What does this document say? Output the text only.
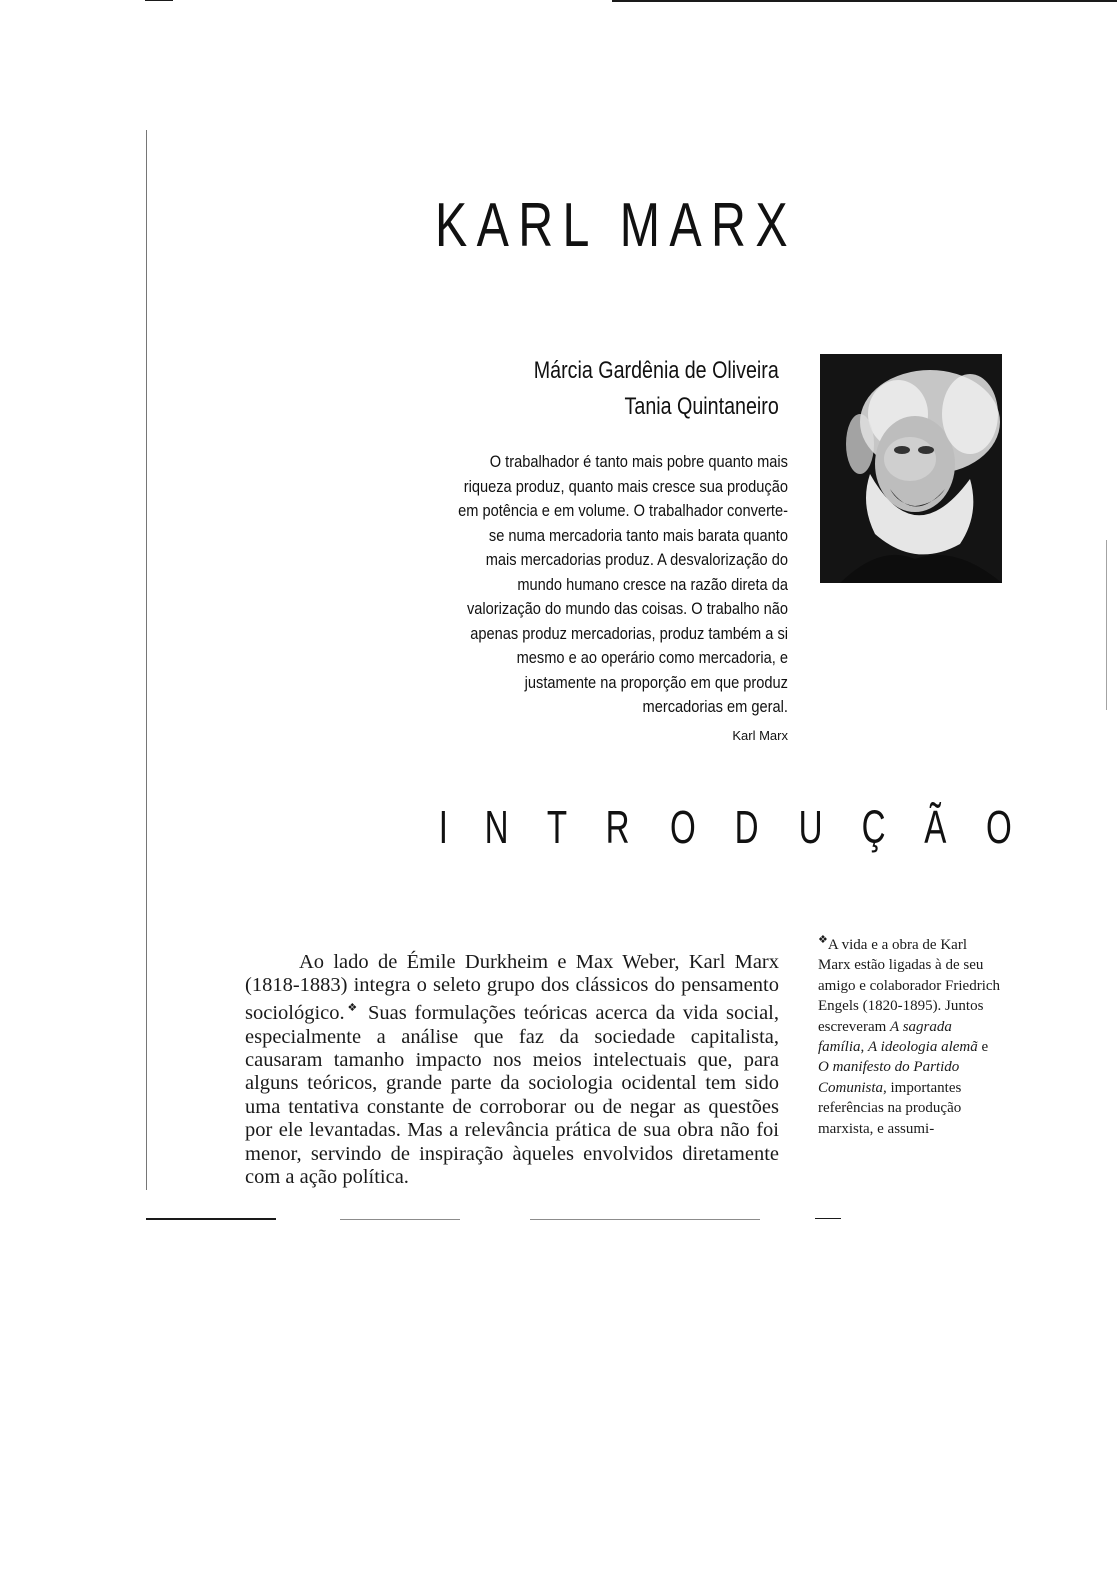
KARL MARX
Márcia Gardênia de Oliveira
Tania Quintaneiro
O trabalhador é tanto mais pobre quanto mais riqueza produz, quanto mais cresce sua produção em potência e em volume. O trabalhador converte-se numa mercadoria tanto mais barata quanto mais mercadorias produz. A desvalorização do mundo humano cresce na razão direta da valorização do mundo das coisas. O trabalho não apenas produz mercadorias, produz também a si mesmo e ao operário como mercadoria, e justamente na proporção em que produz mercadorias em geral.
Karl Marx
I N T R O D U Ç Ã O

Ao lado de Émile Durkheim e Max Weber, Karl Marx (1818-1883) integra o seleto grupo dos clássicos do pensamento sociológico.❖ Suas formulações teóricas acerca da vida social, especialmente a análise que faz da sociedade capitalista, causaram tamanho impacto nos meios intelectuais que, para alguns teóricos, grande parte da sociologia ocidental tem sido uma tentativa constante de corroborar ou de negar as questões por ele levantadas. Mas a relevância prática de sua obra não foi menor, servindo de inspiração àqueles envolvidos diretamente com a ação política.

❖A vida e a obra de Karl Marx estão ligadas à de seu amigo e colaborador Friedrich Engels (1820-1895). Juntos escreveram A sagrada família, A ideologia alemã e O manifesto do Partido Comunista, importantes referências na produção marxista, e assumi-
